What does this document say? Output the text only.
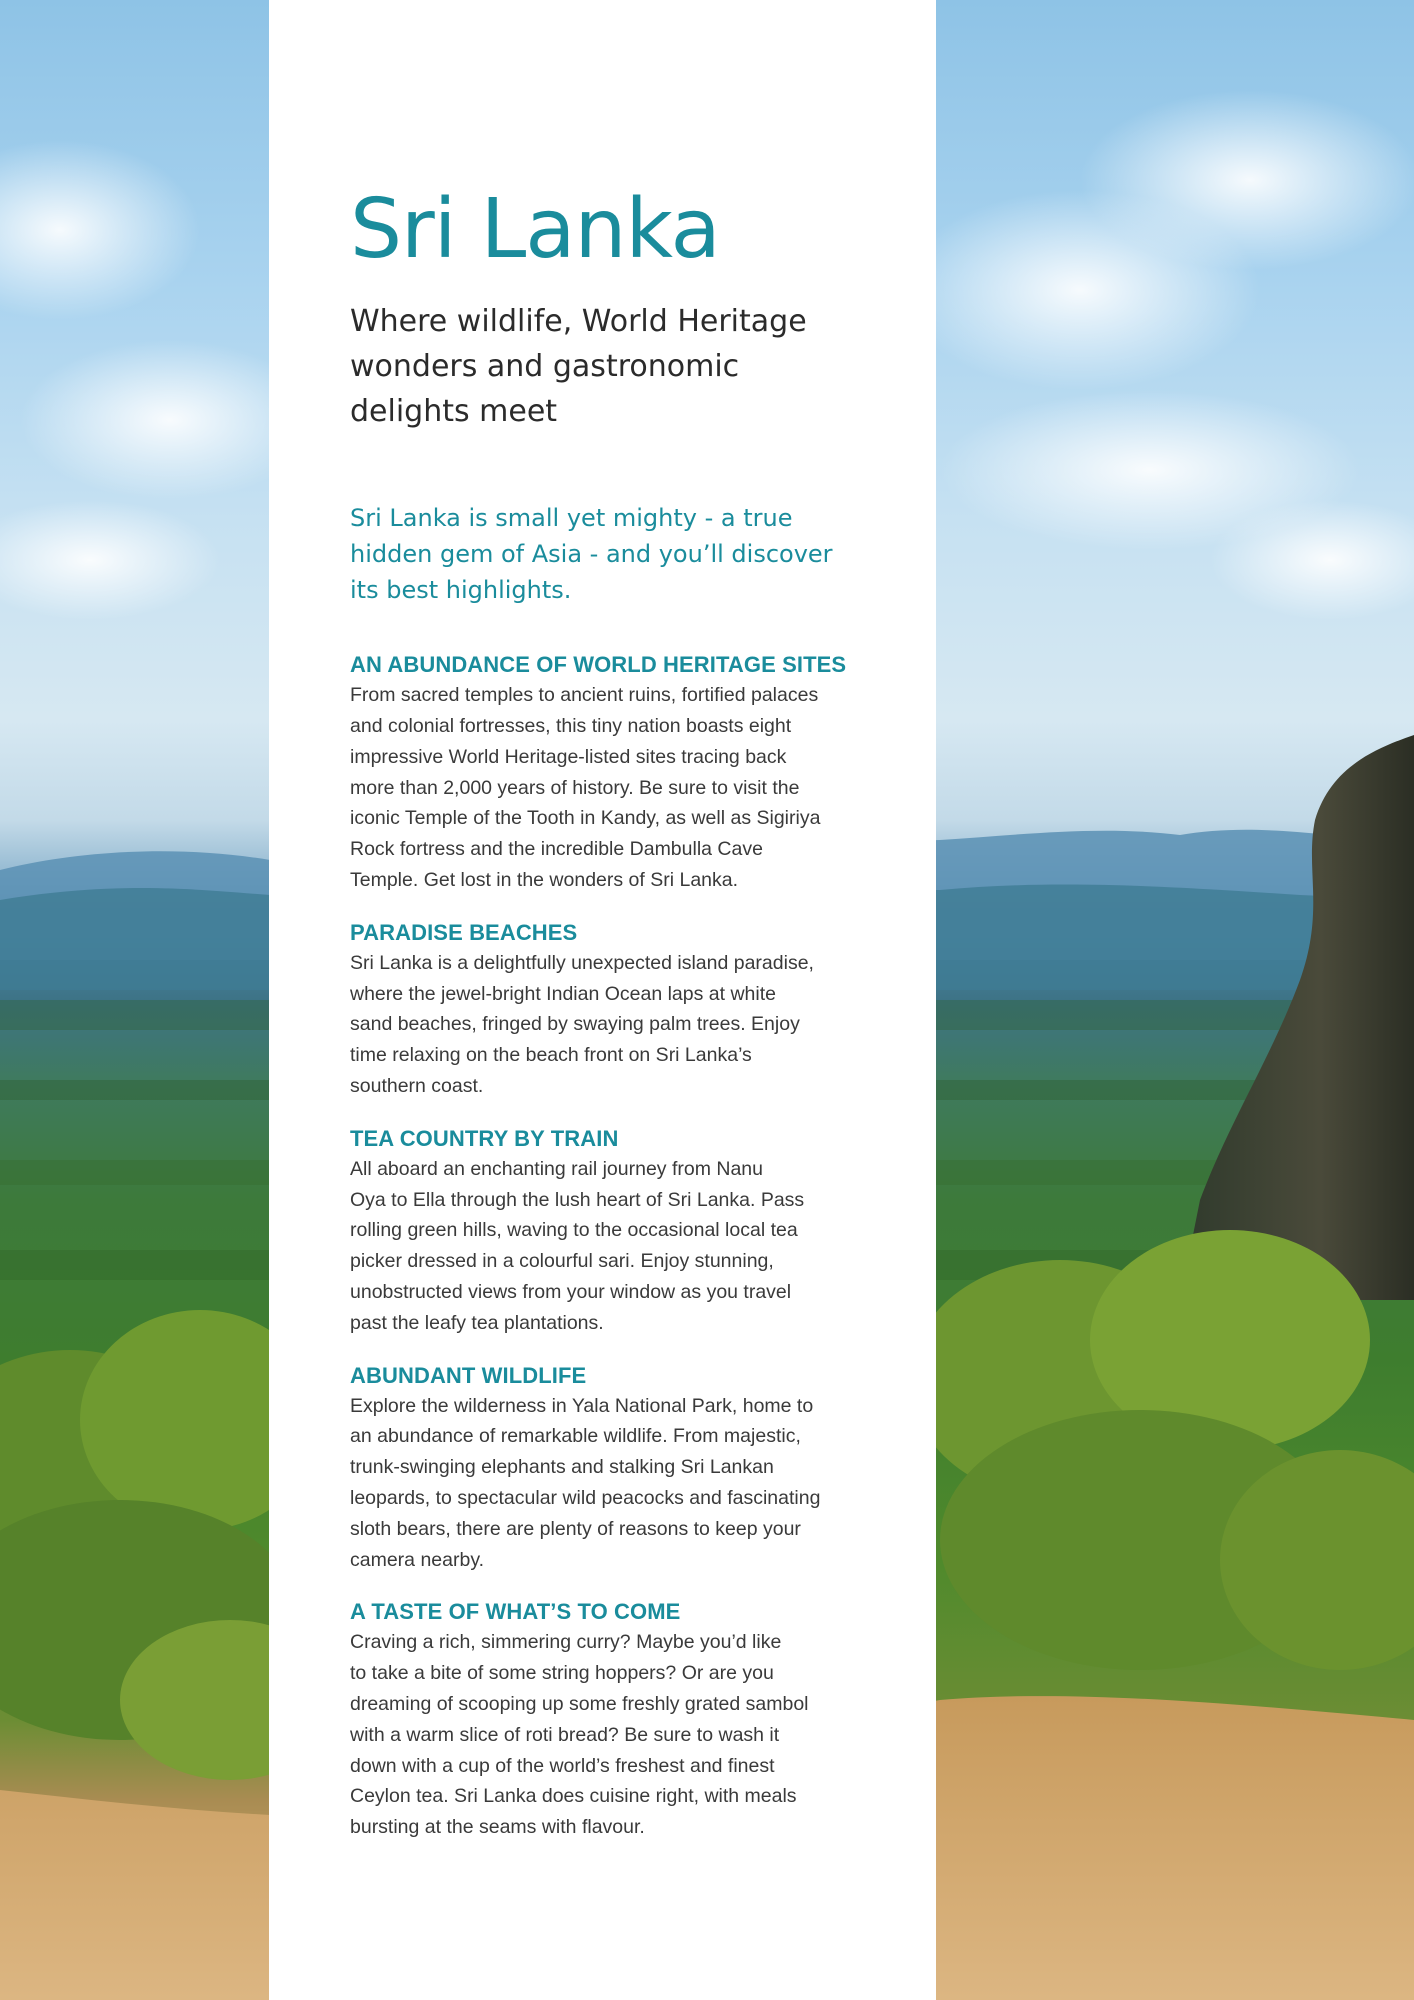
Sri Lanka

Where wildlife, World Heritage
wonders and gastronomic
delights meet

Sri Lanka is small yet mighty - a true
hidden gem of Asia - and you’ll discover
its best highlights.

AN ABUNDANCE OF WORLD HERITAGE SITES

From sacred temples to ancient ruins, fortified palaces
and colonial fortresses, this tiny nation boasts eight
impressive World Heritage-listed sites tracing back
more than 2,000 years of history. Be sure to visit the
iconic Temple of the Tooth in Kandy, as well as Sigiriya
Rock fortress and the incredible Dambulla Cave
Temple. Get lost in the wonders of Sri Lanka.

PARADISE BEACHES

Sri Lanka is a delightfully unexpected island paradise,
where the jewel-bright Indian Ocean laps at white
sand beaches, fringed by swaying palm trees. Enjoy
time relaxing on the beach front on Sri Lanka’s
southern coast.

TEA COUNTRY BY TRAIN

All aboard an enchanting rail journey from Nanu
Oya to Ella through the lush heart of Sri Lanka. Pass
rolling green hills, waving to the occasional local tea
picker dressed in a colourful sari. Enjoy stunning,
unobstructed views from your window as you travel
past the leafy tea plantations.

ABUNDANT WILDLIFE

Explore the wilderness in Yala National Park, home to
an abundance of remarkable wildlife. From majestic,
trunk-swinging elephants and stalking Sri Lankan
leopards, to spectacular wild peacocks and fascinating
sloth bears, there are plenty of reasons to keep your
camera nearby.

A TASTE OF WHAT’S TO COME

Craving a rich, simmering curry? Maybe you’d like
to take a bite of some string hoppers? Or are you
dreaming of scooping up some freshly grated sambol
with a warm slice of roti bread? Be sure to wash it
down with a cup of the world’s freshest and finest
Ceylon tea. Sri Lanka does cuisine right, with meals
bursting at the seams with flavour.
